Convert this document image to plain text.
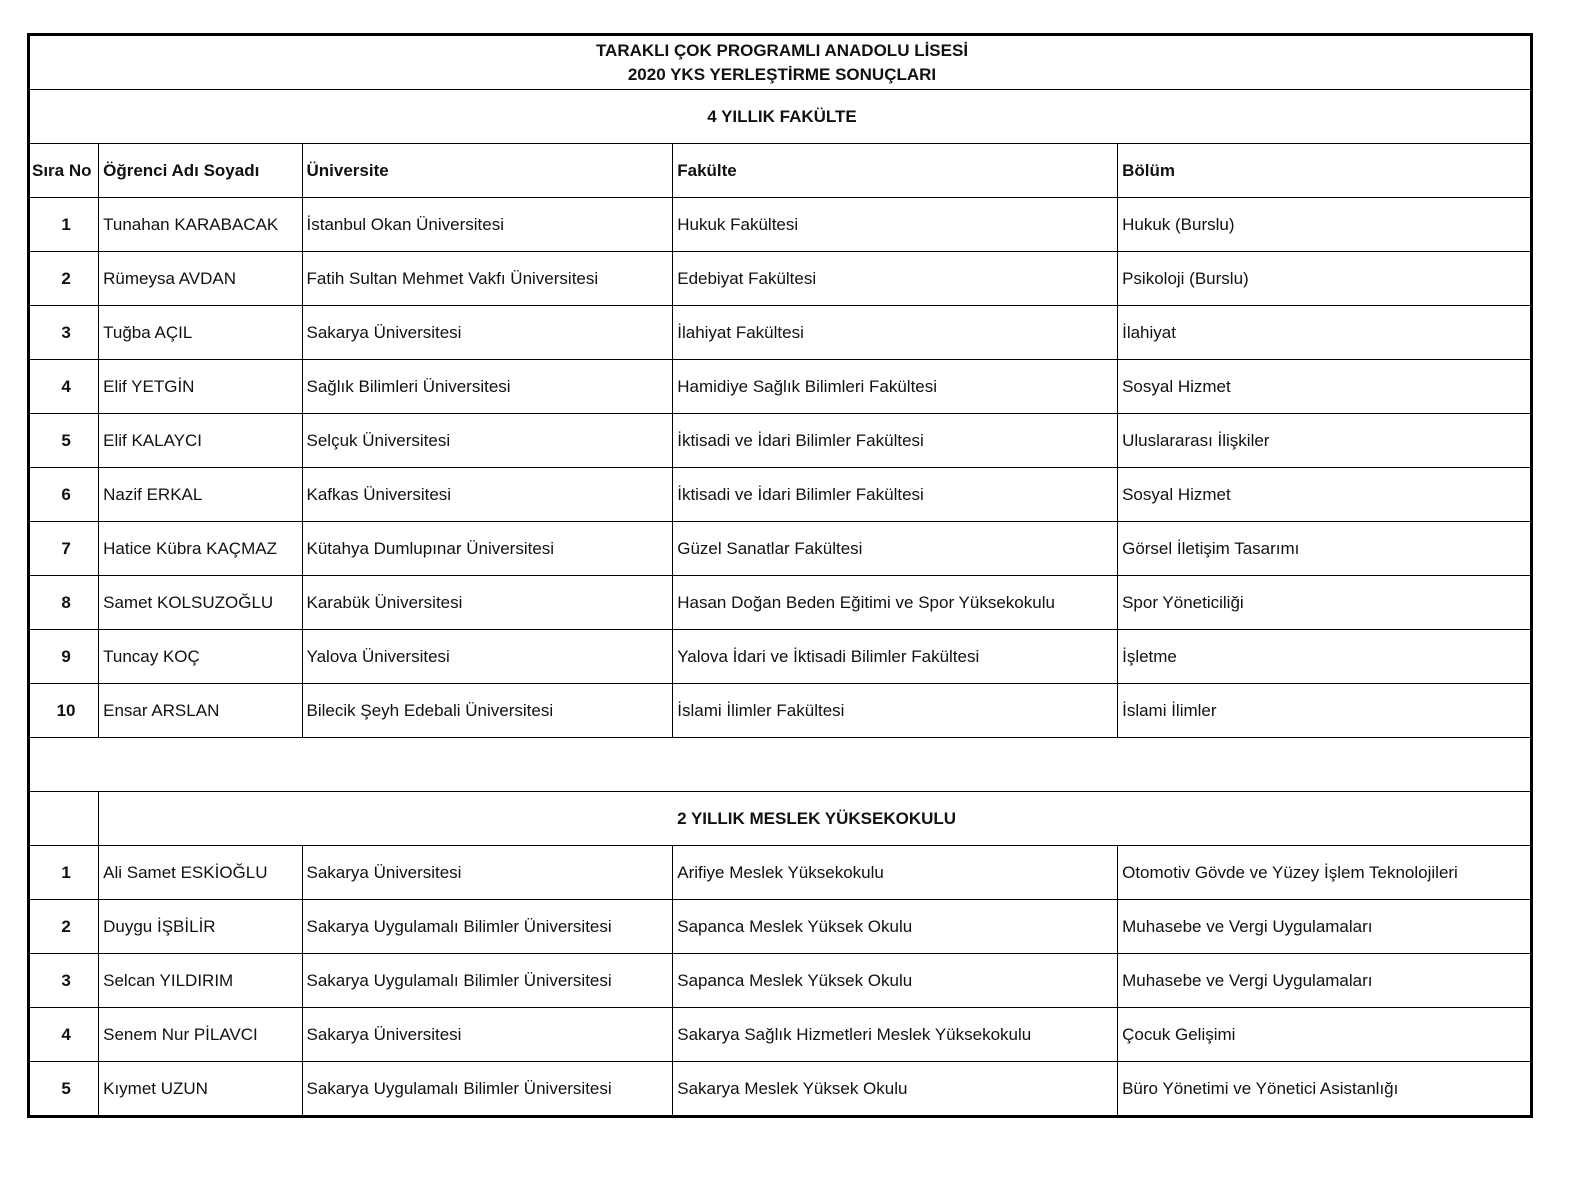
TARAKLI ÇOK PROGRAMLI ANADOLU LİSESİ
2020 YKS YERLEŞTİRME SONUÇLARI				

4 YILLIK FAKÜLTE				
Sıra No	Öğrenci Adı Soyadı	Üniversite	Fakülte	Bölüm
1	Tunahan KARABACAK	İstanbul Okan Üniversitesi	Hukuk Fakültesi	Hukuk (Burslu)
2	Rümeysa AVDAN	Fatih Sultan Mehmet Vakfı Üniversitesi	Edebiyat Fakültesi	Psikoloji (Burslu)
3	Tuğba AÇIL	Sakarya Üniversitesi	İlahiyat Fakültesi	İlahiyat
4	Elif YETGİN	Sağlık Bilimleri Üniversitesi	Hamidiye Sağlık Bilimleri Fakültesi	Sosyal Hizmet
5	Elif KALAYCI	Selçuk Üniversitesi	İktisadi ve İdari Bilimler Fakültesi	Uluslararası İlişkiler
6	Nazif ERKAL	Kafkas Üniversitesi	İktisadi ve İdari Bilimler Fakültesi	Sosyal Hizmet
7	Hatice Kübra KAÇMAZ	Kütahya Dumlupınar Üniversitesi	Güzel Sanatlar Fakültesi	Görsel İletişim Tasarımı
8	Samet KOLSUZOĞLU	Karabük Üniversitesi	Hasan Doğan Beden Eğitimi ve Spor Yüksekokulu	Spor Yöneticiliği
9	Tuncay KOÇ	Yalova Üniversitesi	Yalova İdari ve İktisadi Bilimler Fakültesi	İşletme
10	Ensar ARSLAN	Bilecik Şeyh Edebali Üniversitesi	İslami İlimler Fakültesi	İslami İlimler

	2 YILLIK MESLEK YÜKSEKOKULU			
1	Ali Samet ESKİOĞLU	Sakarya Üniversitesi	Arifiye Meslek Yüksekokulu	Otomotiv Gövde ve Yüzey İşlem Teknolojileri
2	Duygu İŞBİLİR	Sakarya Uygulamalı Bilimler Üniversitesi	Sapanca Meslek Yüksek Okulu	Muhasebe ve Vergi Uygulamaları
3	Selcan YILDIRIM	Sakarya Uygulamalı Bilimler Üniversitesi	Sapanca Meslek Yüksek Okulu	Muhasebe ve Vergi Uygulamaları
4	Senem Nur PİLAVCI	Sakarya Üniversitesi	Sakarya Sağlık Hizmetleri Meslek Yüksekokulu	Çocuk Gelişimi
5	Kıymet UZUN	Sakarya Uygulamalı Bilimler Üniversitesi	Sakarya Meslek Yüksek Okulu	Büro Yönetimi ve Yönetici Asistanlığı
